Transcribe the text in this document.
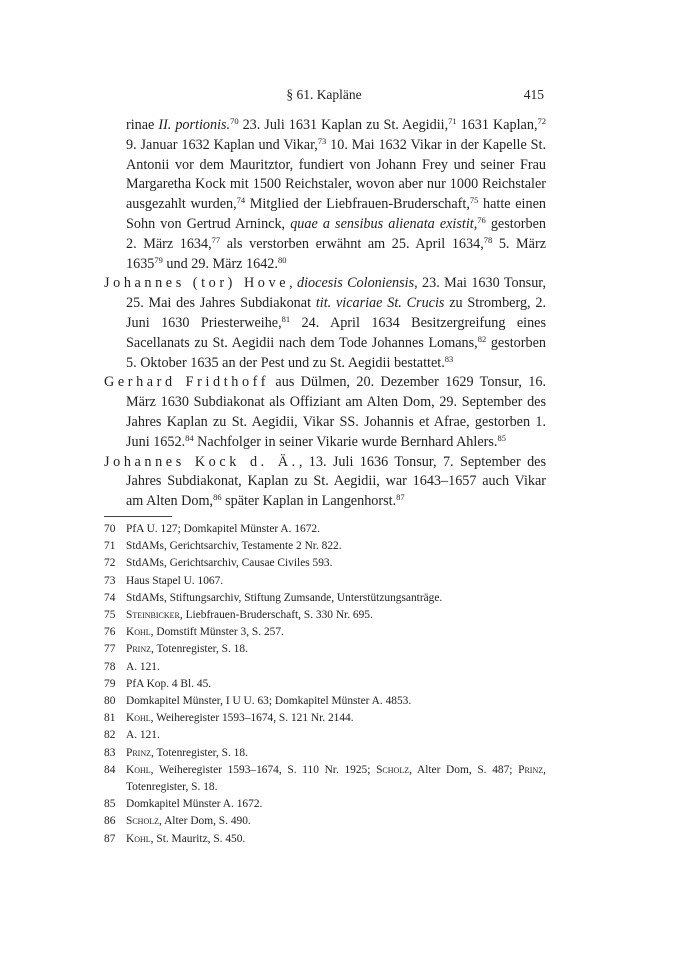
§ 61. Kapläne	415

rinae II. portionis.$^{70}$ 23. Juli 1631 Kaplan zu St. Aegidii,$^{71}$ 1631 Kaplan,$^{72}$ 9. Januar 1632 Kaplan und Vikar,$^{73}$ 10. Mai 1632 Vikar in der Kapelle St. Antonii vor dem Mauritztor, fundiert von Johann Frey und seiner Frau Margaretha Kock mit 1500 Reichstaler, wovon aber nur 1000 Reichstaler ausgezahlt wurden,$^{74}$ Mitglied der Liebfrauen-Bruderschaft,$^{75}$ hatte einen Sohn von Gertrud Arninck, quae a sensibus alienata existit,$^{76}$ gestorben 2. März 1634,77 als verstorben erwähnt am 25. April 1634,78 5. März 1635$^{79}$ und 29. März 1642.80

Johannes (tor) Hove, diocesis Coloniensis, 23. Mai 1630 Tonsur, 25. Mai des Jahres Subdiakonat tit. vicariae St. Crucis zu Stromberg, 2. Juni 1630 Priesterweihe,$^{81}$ 24. April 1634 Besitzergreifung eines Sacellanats zu St. Aegidii nach dem Tode Johannes Lomans,$^{82}$ gestorben 5. Oktober 1635 an der Pest und zu St. Aegidii bestattet.$^{83}$

Gerhard Fridthoff aus Dülmen, 20. Dezember 1629 Tonsur, 16. März 1630 Subdiakonat als Offiziant am Alten Dom, 29. September des Jahres Kaplan zu St. Aegidii, Vikar SS. Johannis et Afrae, gestorben 1. Juni 1652.84 Nachfolger in seiner Vikarie wurde Bernhard Ahlers.$^{85}$

Johannes Kock d. Ä., 13. Juli 1636 Tonsur, 7. September des Jahres Subdiakonat, Kaplan zu St. Aegidii, war 1643–1657 auch Vikar am Alten Dom,$^{86}$ später Kaplan in Langenhorst.$^{87}$

70 PfA U. 127; Domkapitel Münster A. 1672.
71 StdAMs, Gerichtsarchiv, Testamente 2 Nr. 822.
72 StdAMs, Gerichtsarchiv, Causae Civiles 593.
73 Haus Stapel U. 1067.
74 StdAMs, Stiftungsarchiv, Stiftung Zumsande, Unterstützungsanträge.
75 Steinbicker, Liebfrauen-Bruderschaft, S. 330 Nr. 695.
76 Kohl, Domstift Münster 3, S. 257.
77 Prinz, Totenregister, S. 18.
78 A. 121.
79 PfA Kop. 4 Bl. 45.
80 Domkapitel Münster, I U U. 63; Domkapitel Münster A. 4853.
81 Kohl, Weiheregister 1593–1674, S. 121 Nr. 2144.
82 A. 121.
83 Prinz, Totenregister, S. 18.
84 Kohl, Weiheregister 1593–1674, S. 110 Nr. 1925; Scholz, Alter Dom, S. 487; Prinz, Totenregister, S. 18.
85 Domkapitel Münster A. 1672.
86 Scholz, Alter Dom, S. 490.
87 Kohl, St. Mauritz, S. 450.
